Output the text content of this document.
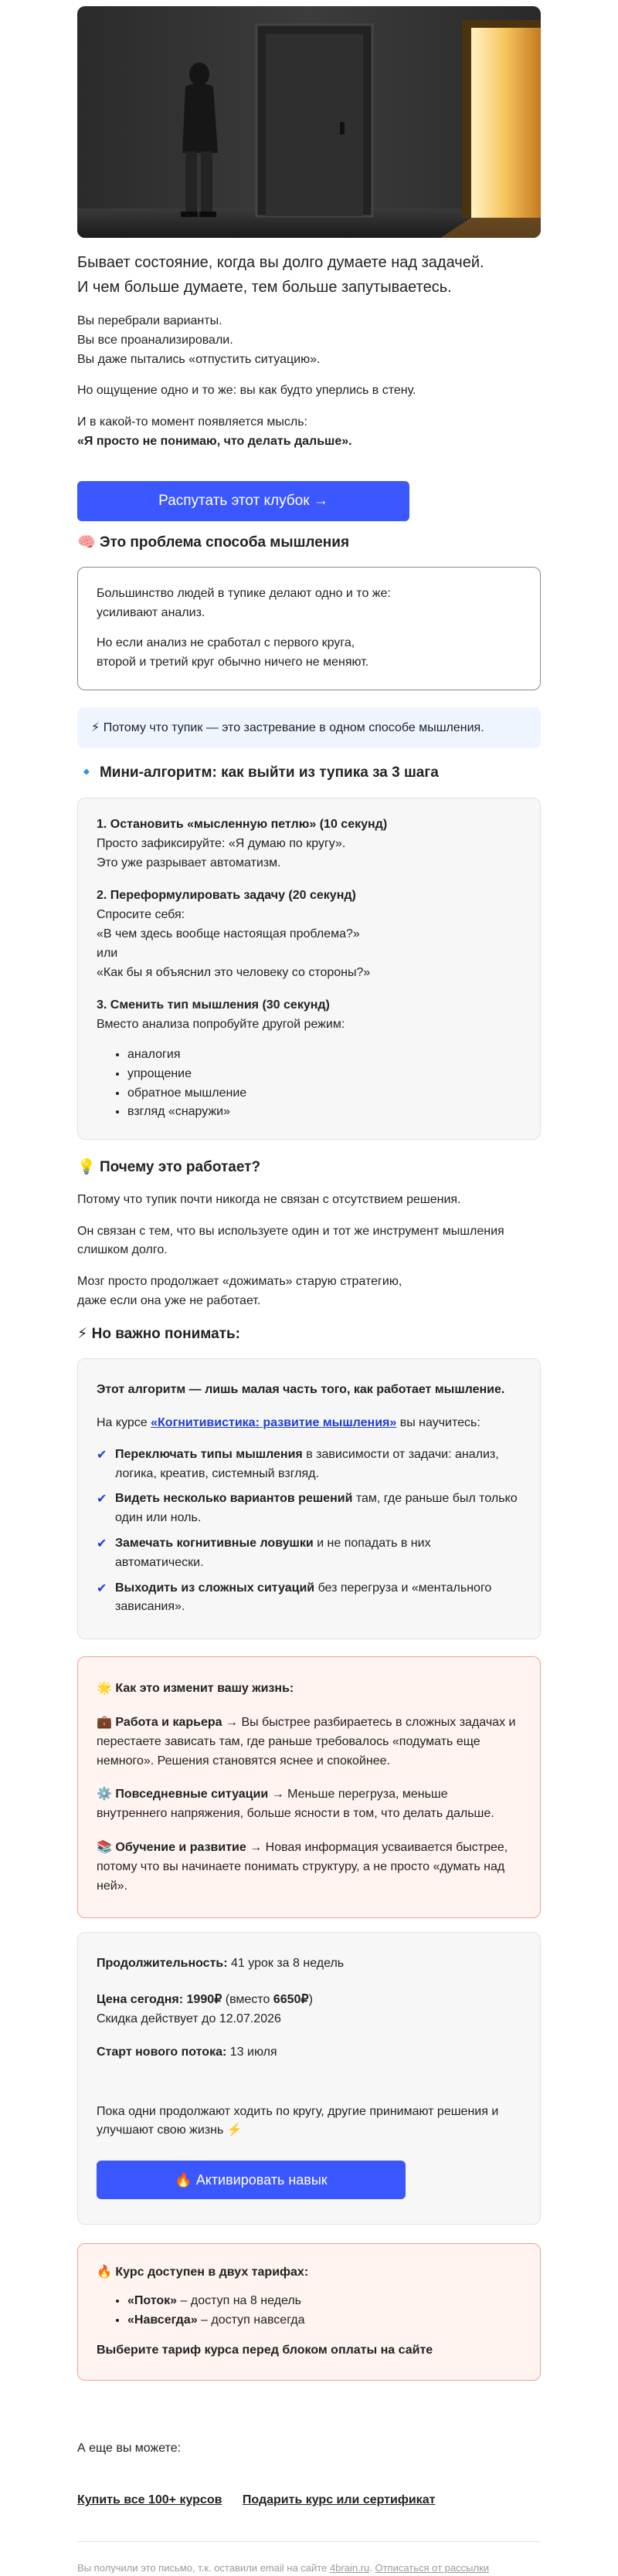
Бывает состояние, когда вы долго думаете над задачей.
И чем больше думаете, тем больше запутываетесь.

Вы перебрали варианты.
Вы все проанализировали.
Вы даже пытались «отпустить ситуацию».

Но ощущение одно и то же: вы как будто уперлись в стену.

И в какой-то момент появляется мысль:
«Я просто не понимаю, что делать дальше».

Распутать этот клубок →
🧠 Это проблема способа мышления

Большинство людей в тупике делают одно и то же:
усиливают анализ.

Но если анализ не сработал с первого круга,
второй и третий круг обычно ничего не меняют.

⚡ Потому что тупик — это застревание в одном способе мышления.
🔹 Мини-алгоритм: как выйти из тупика за 3 шага

1. Остановить «мысленную петлю» (10 секунд)
Просто зафиксируйте: «Я думаю по кругу».
Это уже разрывает автоматизм.

2. Переформулировать задачу (20 секунд)
Спросите себя:
«В чем здесь вообще настоящая проблема?»
или
«Как бы я объяснил это человеку со стороны?»

3. Сменить тип мышления (30 секунд)
Вместо анализа попробуйте другой режим:

• аналогия
• упрощение
• обратное мышление
• взгляд «снаружи»
💡 Почему это работает?

Потому что тупик почти никогда не связан с отсутствием решения.

Он связан с тем, что вы используете один и тот же инструмент мышления
слишком долго.

Мозг просто продолжает «дожимать» старую стратегию,
даже если она уже не работает.

⚡ Но важно понимать:

Этот алгоритм — лишь малая часть того, как работает мышление.

На курсе «Когнитивистика: развитие мышления» вы научитесь:

✔ Переключать типы мышления в зависимости от задачи: анализ, логика, креатив, системный взгляд.
✔ Видеть несколько вариантов решений там, где раньше был только один или ноль.
✔ Замечать когнитивные ловушки и не попадать в них автоматически.
✔ Выходить из сложных ситуаций без перегруза и «ментального зависания».

🌟 Как это изменит вашу жизнь:

💼 Работа и карьера → Вы быстрее разбираетесь в сложных задачах и перестаете зависать там, где раньше требовалось «подумать еще немного». Решения становятся яснее и спокойнее.

⚙️ Повседневные ситуации → Меньше перегруза, меньше внутреннего напряжения, больше ясности в том, что делать дальше.

📚 Обучение и развитие → Новая информация усваивается быстрее, потому что вы начинаете понимать структуру, а не просто «думать над ней».

Продолжительность: 41 урок за 8 недель

Цена сегодня: 1990₽ (вместо 6650₽)
Скидка действует до 12.07.2026

Старт нового потока: 13 июля

Пока одни продолжают ходить по кругу, другие принимают решения и
улучшают свою жизнь ⚡

🔥 Активировать навык

🔥 Курс доступен в двух тарифах:

• «Поток» – доступ на 8 недель
• «Навсегда» – доступ навсегда

Выберите тариф курса перед блоком оплаты на сайте

А еще вы можете:

Купить все 100+ курсов Подарить курс или сертификат

Вы получили это письмо, т.к. оставили email на сайте 4brain.ru. Отписаться от рассылки
